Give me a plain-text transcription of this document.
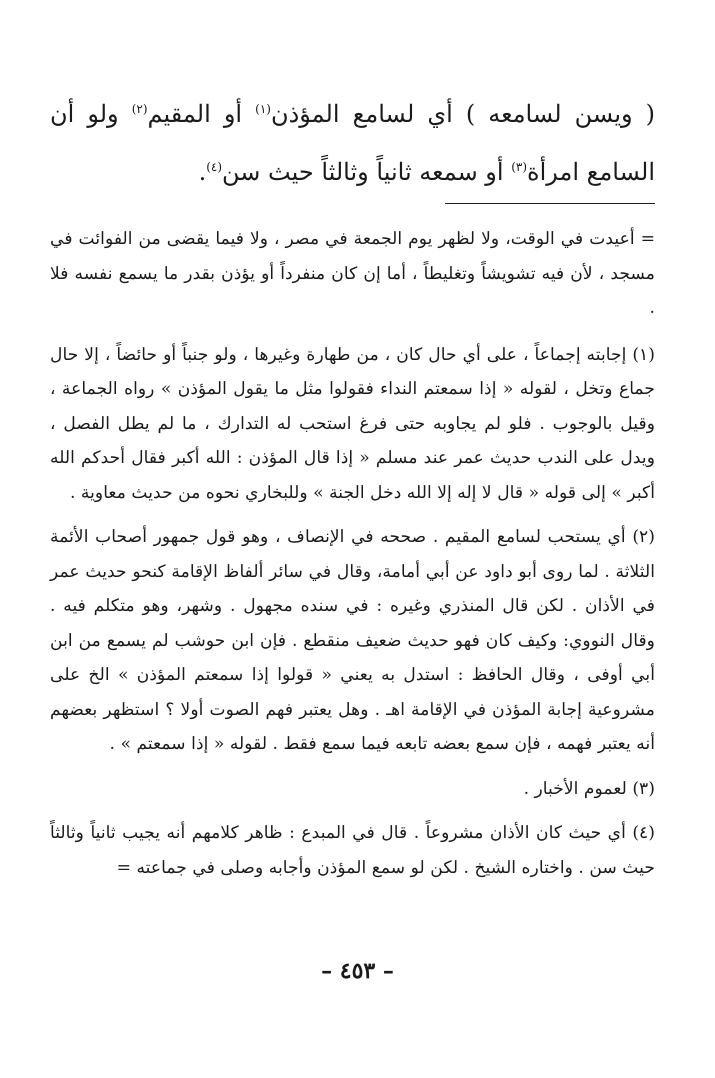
( ويسن لسامعه ) أي لسامع المؤذن$^{(١)}$ أو المقيم$^{(٢)}$ ولو أن السامع امرأة$^{(٣)}$ أو سمعه ثانياً وثالثاً حيث سن$^{(٤)}$.

= أعيدت في الوقت، ولا لظهر يوم الجمعة في مصر ، ولا فيما يقضى من الفوائت في مسجد ، لأن فيه تشويشاً وتغليطاً ، أما إن كان منفرداً أو يؤذن بقدر ما يسمع نفسه فلا .

(١) إجابته إجماعاً ، على أي حال كان ، من طهارة وغيرها ، ولو جنباً أو حائضاً ، إلا حال جماع وتخل ، لقوله « إذا سمعتم النداء فقولوا مثل ما يقول المؤذن » رواه الجماعة ، وقيل بالوجوب . فلو لم يجاوبه حتى فرغ استحب له التدارك ، ما لم يطل الفصل ، ويدل على الندب حديث عمر عند مسلم « إذا قال المؤذن : الله أكبر فقال أحدكم الله أكبر » إلى قوله « قال لا إله إلا الله دخل الجنة » وللبخاري نحوه من حديث معاوية .

(٢) أي يستحب لسامع المقيم . صححه في الإنصاف ، وهو قول جمهور أصحاب الأئمة الثلاثة . لما روى أبو داود عن أبي أمامة، وقال في سائر ألفاظ الإقامة كنحو حديث عمر في الأذان . لكن قال المنذري وغيره : في سنده مجهول . وشهر، وهو متكلم فيه . وقال النووي: وكيف كان فهو حديث ضعيف منقطع . فإن ابن حوشب لم يسمع من ابن أبي أوفى ، وقال الحافظ : استدل به يعني « قولوا إذا سمعتم المؤذن » الخ على مشروعية إجابة المؤذن في الإقامة اهـ . وهل يعتبر فهم الصوت أولا ؟ استظهر بعضهم أنه يعتبر فهمه ، فإن سمع بعضه تابعه فيما سمع فقط . لقوله « إذا سمعتم » .

(٣) لعموم الأخبار .

(٤) أي حيث كان الأذان مشروعاً . قال في المبدع : ظاهر كلامهم أنه يجيب ثانياً وثالثاً حيث سن . واختاره الشيخ . لكن لو سمع المؤذن وأجابه وصلى في جماعته =

– ٤٥٣ –
